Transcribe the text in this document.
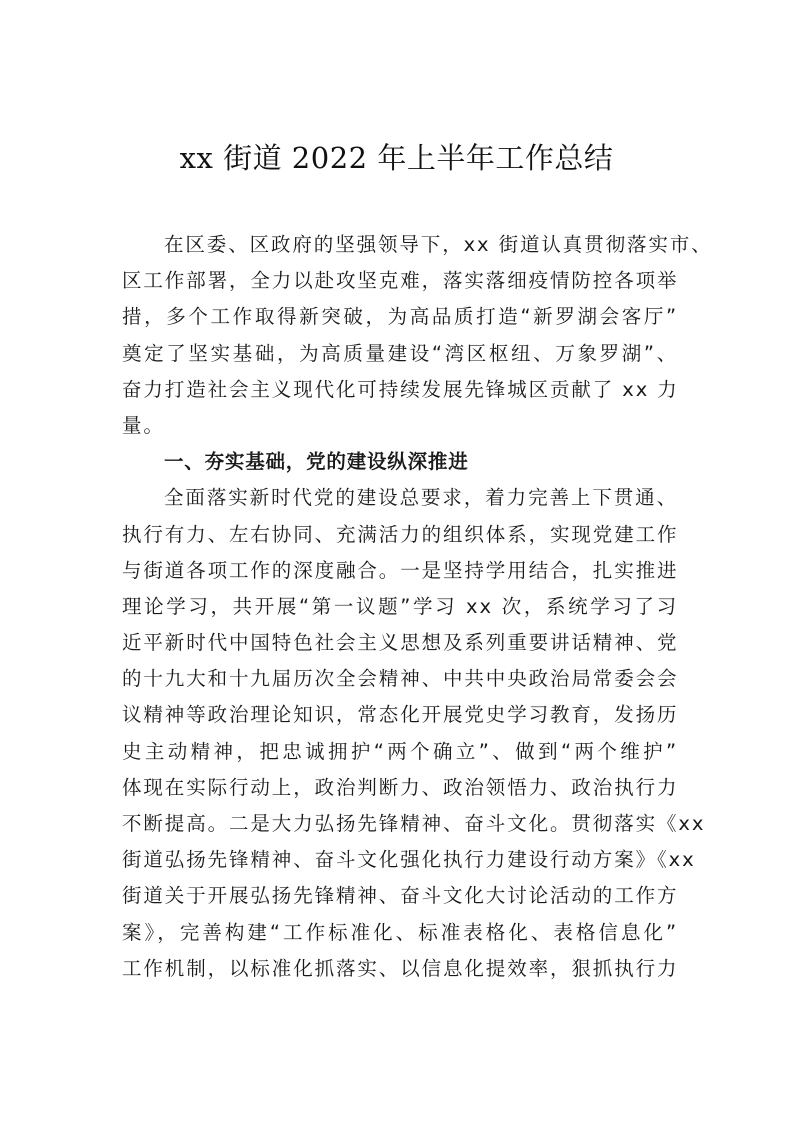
xx 街道 2022 年上半年工作总结
在区委、区政府的坚强领导下，xx 街道认真贯彻落实市、
区工作部署，全力以赴攻坚克难，落实落细疫情防控各项举
措，多个工作取得新突破，为高品质打造“新罗湖会客厅”
奠定了坚实基础，为高质量建设“湾区枢纽、万象罗湖”、
奋力打造社会主义现代化可持续发展先锋城区贡献了 xx 力
量。
一、夯实基础，党的建设纵深推进
全面落实新时代党的建设总要求，着力完善上下贯通、
执行有力、左右协同、充满活力的组织体系，实现党建工作
与街道各项工作的深度融合。一是坚持学用结合，扎实推进
理论学习，共开展“第一议题”学习 xx 次，系统学习了习
近平新时代中国特色社会主义思想及系列重要讲话精神、党
的十九大和十九届历次全会精神、中共中央政治局常委会会
议精神等政治理论知识，常态化开展党史学习教育，发扬历
史主动精神，把忠诚拥护“两个确立”、做到“两个维护”
体现在实际行动上，政治判断力、政治领悟力、政治执行力
不断提高。二是大力弘扬先锋精神、奋斗文化。贯彻落实《xx
街道弘扬先锋精神、奋斗文化强化执行力建设行动方案》《xx
街道关于开展弘扬先锋精神、奋斗文化大讨论活动的工作方
案》，完善构建“工作标准化、标准表格化、表格信息化”
工作机制，以标准化抓落实、以信息化提效率，狠抓执行力
